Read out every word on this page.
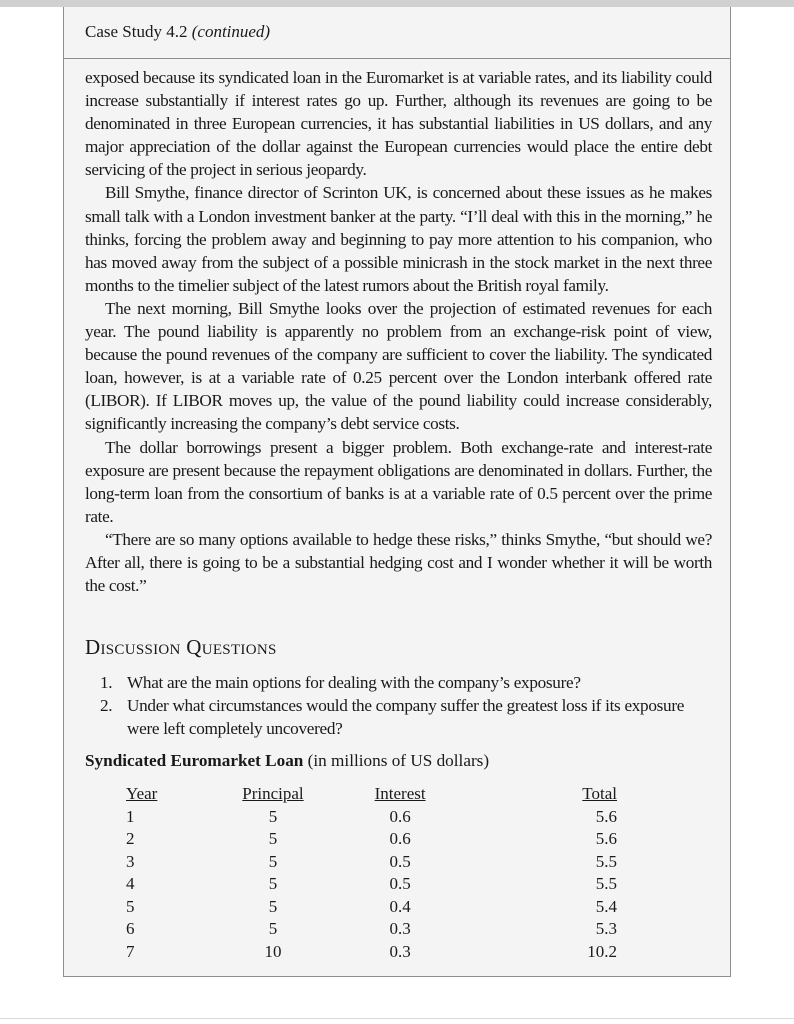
Case Study 4.2 (continued)

exposed because its syndicated loan in the Euromarket is at variable rates, and its liability could increase substantially if interest rates go up. Further, although its revenues are going to be denominated in three European currencies, it has substantial liabilities in US dollars, and any major appreciation of the dollar against the European currencies would place the entire debt servicing of the project in serious jeopardy.

Bill Smythe, finance director of Scrinton UK, is concerned about these issues as he makes small talk with a London investment banker at the party. “I’ll deal with this in the morning,” he thinks, forcing the problem away and beginning to pay more attention to his companion, who has moved away from the subject of a possible minicrash in the stock market in the next three months to the timelier subject of the latest rumors about the British royal family.

The next morning, Bill Smythe looks over the projection of estimated revenues for each year. The pound liability is apparently no problem from an exchange-risk point of view, because the pound revenues of the company are sufficient to cover the liability. The syndicated loan, however, is at a variable rate of 0.25 percent over the London interbank offered rate (LIBOR). If LIBOR moves up, the value of the pound liability could increase considerably, significantly increasing the company’s debt service costs.

The dollar borrowings present a bigger problem. Both exchange-rate and interest-rate exposure are present because the repayment obligations are denominated in dollars. Further, the long-term loan from the consortium of banks is at a variable rate of 0.5 percent over the prime rate.

“There are so many options available to hedge these risks,” thinks Smythe, “but should we? After all, there is going to be a substantial hedging cost and I wonder whether it will be worth the cost.”

Discussion Questions
1. What are the main options for dealing with the company’s exposure?
2. Under what circumstances would the company suffer the greatest loss if its exposure were left completely uncovered?
Syndicated Euromarket Loan (in millions of US dollars)
Year	Principal	Interest	Total
1	5	0.6	5.6
2	5	0.6	5.6
3	5	0.5	5.5
4	5	0.5	5.5
5	5	0.4	5.4
6	5	0.3	5.3
7	10	0.3	10.2
